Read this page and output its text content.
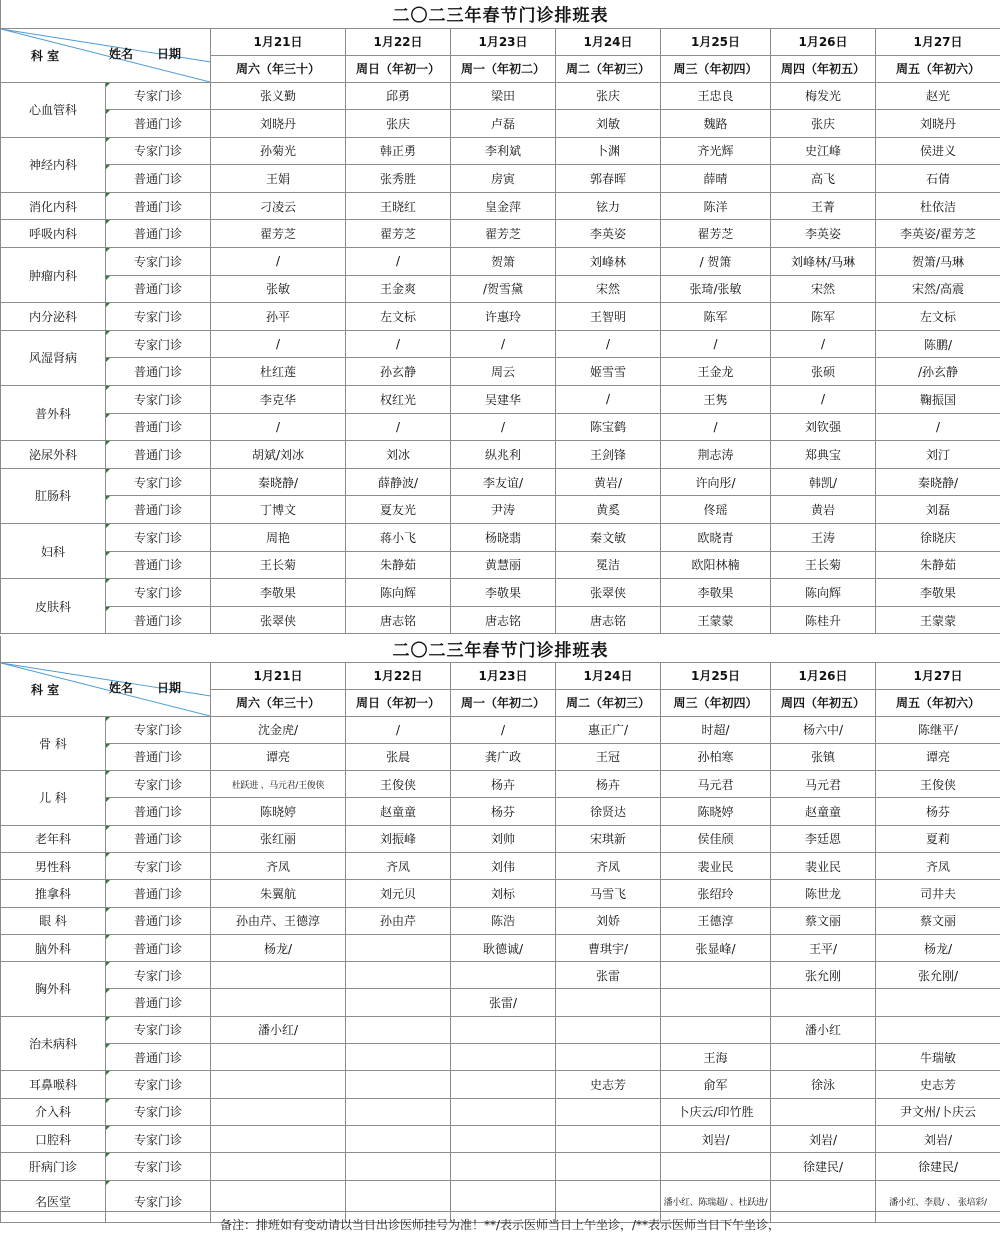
二〇二三年春节门诊排班表								

科 室 姓名 日期		1月21日	1月22日	1月23日	1月24日	1月25日	1月26日	1月27日
		周六（年三十）	周日（年初一）	周一（年初二）	周二（年初三）	周三（年初四）	周四（年初五）	周五（年初六）
心血管科	专家门诊	张义勤	邱勇	梁田	张庆	王忠良	梅发光	赵光
	普通门诊	刘晓丹	张庆	卢磊	刘敏	魏路	张庆	刘晓丹
神经内科	专家门诊	孙菊光	韩正勇	李利斌	卜渊	齐光辉	史江峰	侯进义
	普通门诊	王娟	张秀胜	房寅	郭春晖	薛晴	高飞	石倩
消化内科	普通门诊	刁凌云	王晓红	皇金萍	铉力	陈洋	王菁	杜依洁
呼吸内科	普通门诊	翟芳芝	翟芳芝	翟芳芝	李英姿	翟芳芝	李英姿	李英姿/翟芳芝
肿瘤内科	专家门诊	/	/	贺箫	刘峰林	/ 贺箫	刘峰林/马琳	贺箫/马琳
	普通门诊	张敏	王金爽	/贺雪黛	宋然	张琦/张敏	宋然	宋然/高震
内分泌科	专家门诊	孙平	左文标	许惠玲	王智明	陈军	陈军	左文标
风湿肾病	专家门诊	/	/	/	/	/	/	陈鹏/
	普通门诊	杜红莲	孙玄静	周云	姬雪雪	王金龙	张硕	/孙玄静
普外科	专家门诊	李克华	权红光	吴建华	/	王隽	/	鞠振国
	普通门诊	/	/	/	陈宝鹤	/	刘钦强	/
泌尿外科	普通门诊	胡斌/刘冰	刘冰	纵兆利	王剑锋	荆志涛	郑典宝	刘汀
肛肠科	专家门诊	秦晓静/	薛静波/	李友谊/	黄岩/	许向彤/	韩凯/	秦晓静/
	普通门诊	丁博文	夏友光	尹涛	黄奚	佟瑶	黄岩	刘磊
妇科	专家门诊	周艳	蒋小飞	杨晓翡	秦文敏	欧晓青	王涛	徐晓庆
	普通门诊	王长菊	朱静茹	黄慧丽	冕洁	欧阳林楠	王长菊	朱静茹
皮肤科	专家门诊	李敬果	陈向辉	李敬果	张翠侠	李敬果	陈向辉	李敬果
	普通门诊	张翠侠	唐志铭	唐志铭	唐志铭	王蒙蒙	陈桂升	王蒙蒙
二〇二三年春节门诊排班表								

科 室 姓名 日期		1月21日	1月22日	1月23日	1月24日	1月25日	1月26日	1月27日
		周六（年三十）	周日（年初一）	周一（年初二）	周二（年初三）	周三（年初四）	周四（年初五）	周五（年初六）
骨 科	专家门诊	沈金虎/	/	/	惠正广/	时超/	杨六中/	陈继平/
	普通门诊	谭亮	张晨	龚广政	王冠	孙柏寒	张镇	谭亮
儿 科	专家门诊	杜跃进 、马元君/王俊侠	王俊侠	杨卉	杨卉	马元君	马元君	王俊侠
	普通门诊	陈晓婷	赵童童	杨芬	徐贤达	陈晓婷	赵童童	杨芬
老年科	普通门诊	张红丽	刘振峰	刘帅	宋琪新	侯佳颀	李廷恩	夏莉
男性科	专家门诊	齐凤	齐凤	刘伟	齐凤	裴业民	裴业民	齐凤
推拿科	普通门诊	朱翼航	刘元贝	刘标	马雪飞	张绍玲	陈世龙	司井夫
眼 科	普通门诊	孙由芹、王德淳	孙由芹	陈浩	刘娇	王德淳	蔡文丽	蔡文丽
脑外科	普通门诊	杨龙/		耿德诚/	曹琪宇/	张显峰/	王平/	杨龙/
胸外科	专家门诊				张雷		张允刚	张允刚/
	普通门诊			张雷/				
治未病科	专家门诊	潘小红/					潘小红	
	普通门诊					王海		牛瑞敏
耳鼻喉科	专家门诊				史志芳	俞军	徐泳	史志芳
介入科	专家门诊					卜庆云/印竹胜		尹文州/卜庆云
口腔科	专家门诊					刘岩/	刘岩/	刘岩/
肝病门诊	专家门诊						徐建民/	徐建民/
名医堂	专家门诊					潘小红、陈瑞超/ 、杜跃进/		潘小红、李晨/ 、 张培彩/
备注：排班如有变动请以当日出诊医师挂号为准！**/表示医师当日上午坐诊，/**表示医师当日下午坐诊，
